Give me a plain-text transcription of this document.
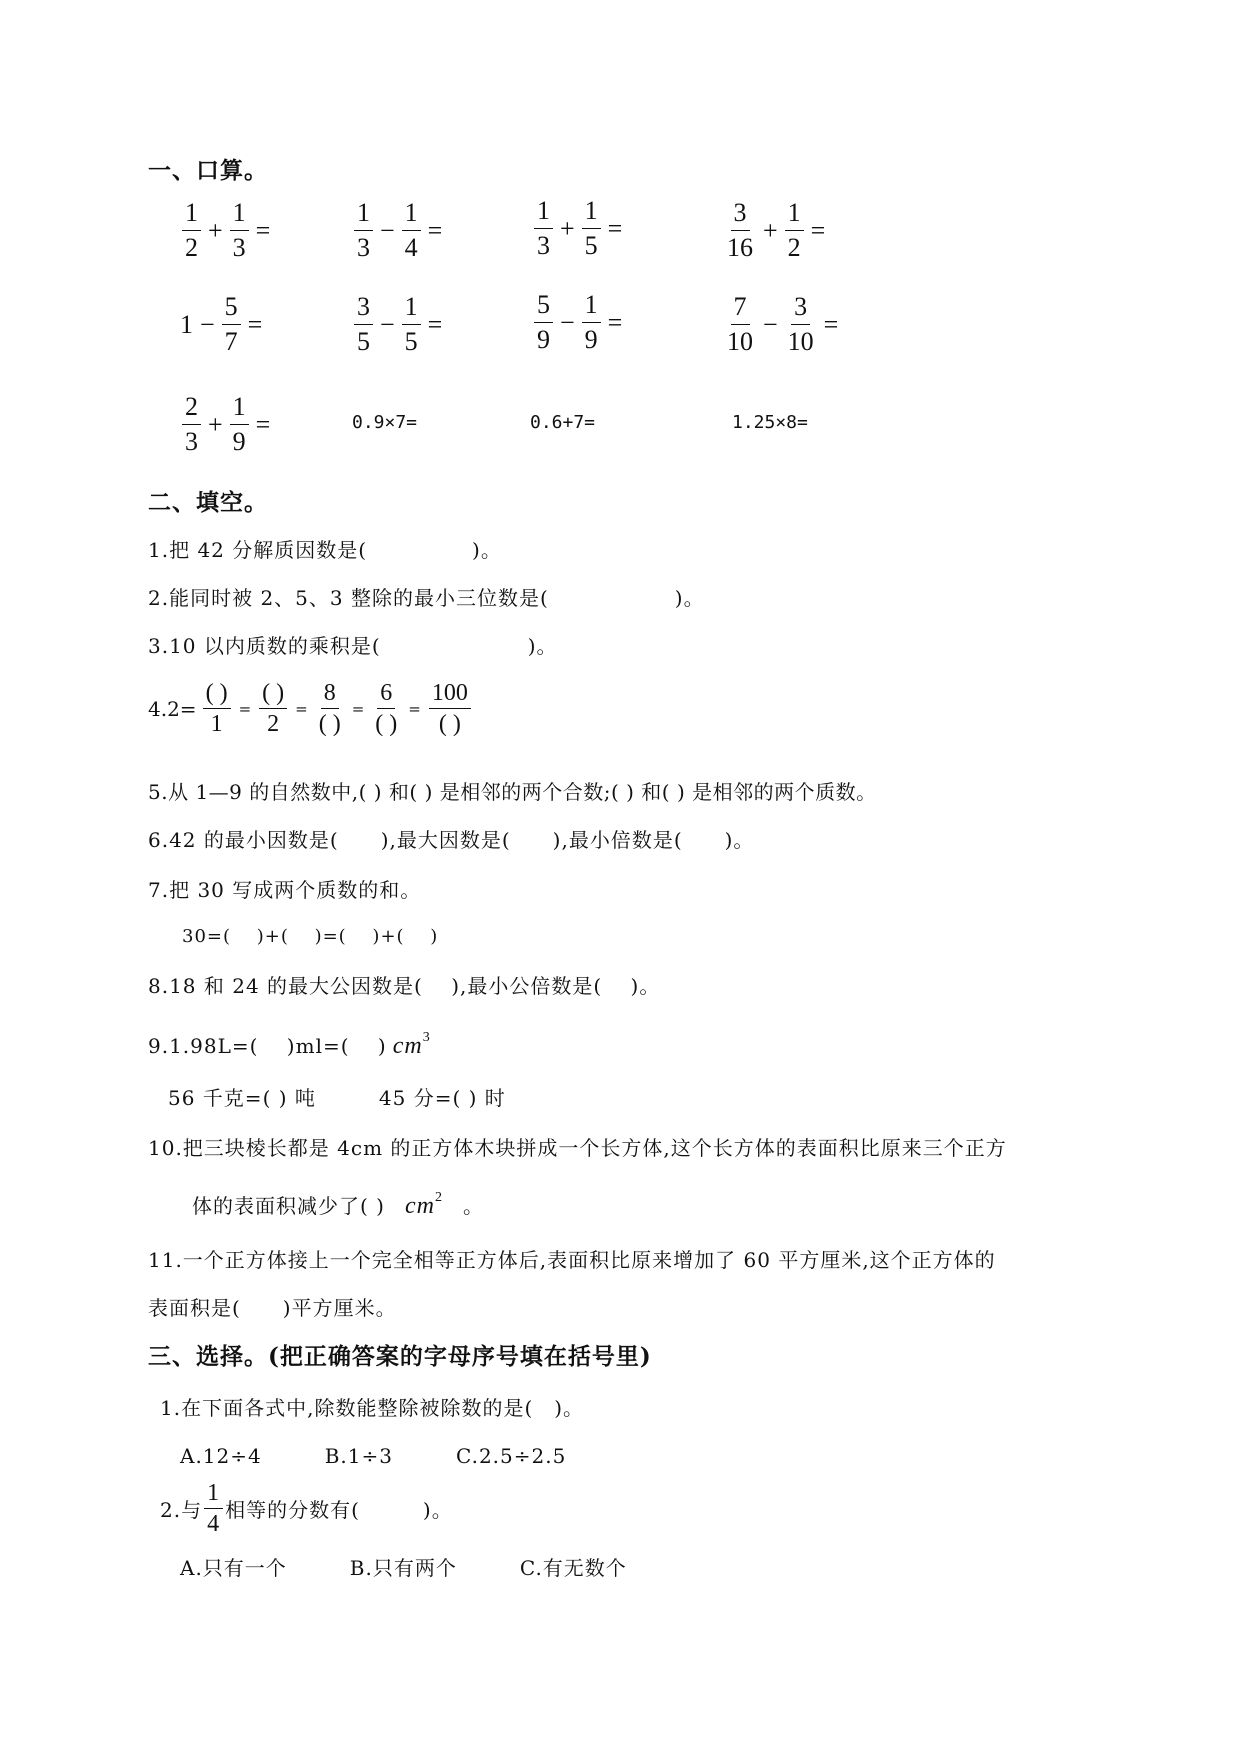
一、口算。
$\frac{1}{2} + \frac{1}{3}$ =	$\frac{1}{3} - \frac{1}{4}$ =	$\frac{1}{3} + \frac{1}{5}$ =	$\frac{3}{16} + \frac{1}{2}$ =
$1 - \frac{5}{7}$ =	$\frac{3}{5} - \frac{1}{5}$ =	$\frac{5}{9} - \frac{1}{9}$ =	$\frac{7}{10} - \frac{3}{10}$ =
$\frac{2}{3} + \frac{1}{9}$ =	0.9×7=	0.6+7=	1.25×8=
二、填空。
1.把 42 分解质因数是(　　　　　)。
2.能同时被 2、5、3 整除的最小三位数是(　　　　　　)。
3.10 以内质数的乘积是(　　　　　　　)。
$4.2= \frac{( )}{1} = \frac{( )}{2} = \frac{8}{( )} = \frac{6}{( )} = \frac{100}{( )}$
5.从 1—9 的自然数中,( ) 和( ) 是相邻的两个合数;( ) 和( ) 是相邻的两个质数。
6.42 的最小因数是(　　),最大因数是(　　),最小倍数是(　　)。
7.把 30 写成两个质数的和。
30=(　 )+(　 )=(　 )+(　 )
8.18 和 24 的最大公因数是(　 ),最小公倍数是(　 )。
9.1.98L=(　 )ml=(　 ) $cm^3$
56 千克=( ) 吨　　　45 分=( ) 时
10.把三块棱长都是 4cm 的正方体木块拼成一个长方体,这个长方体的表面积比原来三个正方
体的表面积减少了( ) $cm^2$ 。
11.一个正方体接上一个完全相等正方体后,表面积比原来增加了 60 平方厘米,这个正方体的
表面积是(　　)平方厘米。
三、选择。(把正确答案的字母序号填在括号里)
1.在下面各式中,除数能整除被除数的是(　)。
A.12÷4　　　B.1÷3　　　C.2.5÷2.5
2.与 $\frac{1}{4}$ 相等的分数有(　　　)。
A.只有一个　　　B.只有两个　　　C.有无数个
